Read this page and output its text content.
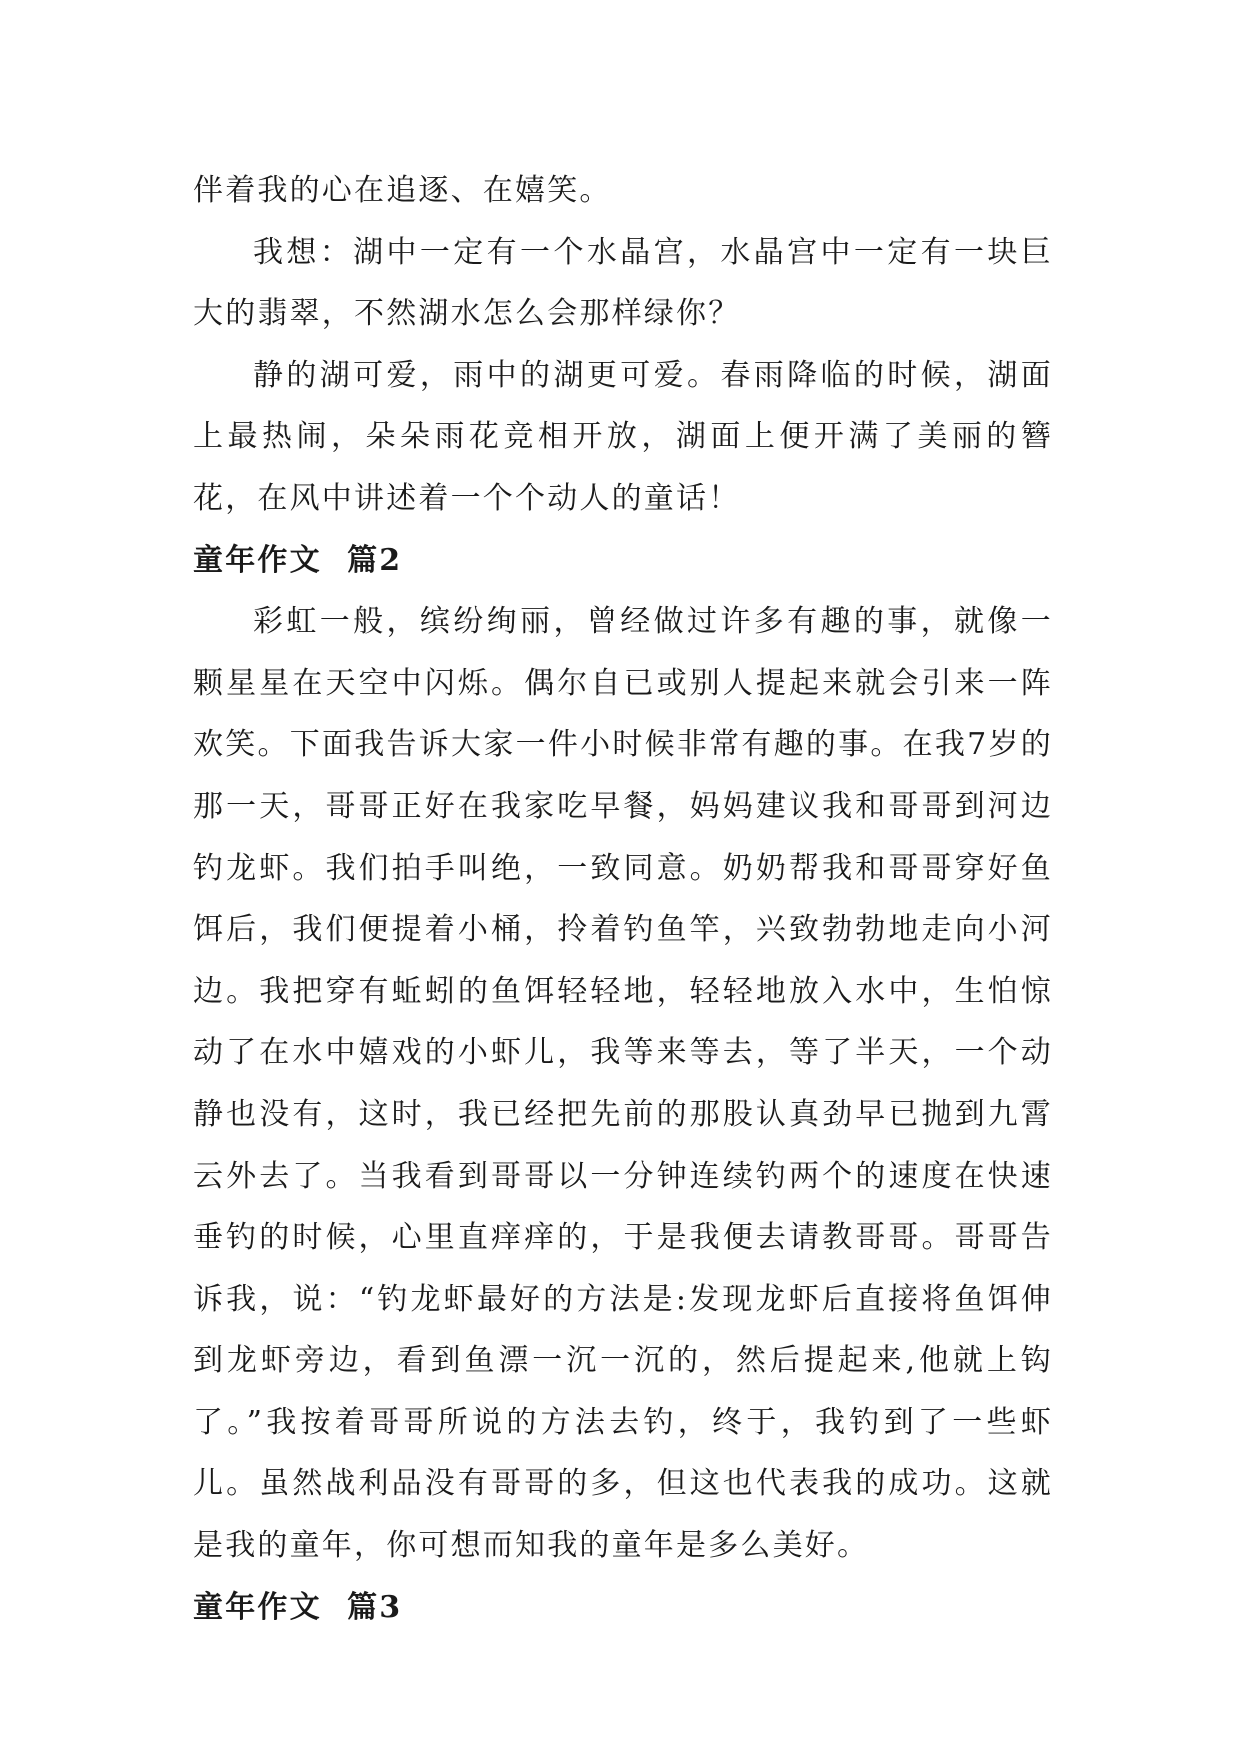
伴着我的心在追逐、在嬉笑。

我想：湖中一定有一个水晶宫，水晶宫中一定有一块巨大的翡翠，不然湖水怎么会那样绿你？

静的湖可爱，雨中的湖更可爱。春雨降临的时候，湖面上最热闹，朵朵雨花竞相开放，湖面上便开满了美丽的簪花，在风中讲述着一个个动人的童话！

童年作文  篇2

彩虹一般，缤纷绚丽，曾经做过许多有趣的事，就像一颗星星在天空中闪烁。偶尔自已或别人提起来就会引来一阵欢笑。下面我告诉大家一件小时候非常有趣的事。在我7岁的那一天，哥哥正好在我家吃早餐，妈妈建议我和哥哥到河边钓龙虾。我们拍手叫绝，一致同意。奶奶帮我和哥哥穿好鱼饵后，我们便提着小桶，拎着钓鱼竿，兴致勃勃地走向小河边。我把穿有蚯蚓的鱼饵轻轻地，轻轻地放入水中，生怕惊动了在水中嬉戏的小虾儿，我等来等去，等了半天，一个动静也没有，这时，我已经把先前的那股认真劲早已抛到九霄云外去了。当我看到哥哥以一分钟连续钓两个的速度在快速垂钓的时候，心里直痒痒的，于是我便去请教哥哥。哥哥告诉我，说：“钓龙虾最好的方法是:发现龙虾后直接将鱼饵伸到龙虾旁边，看到鱼漂一沉一沉的，然后提起来,他就上钩了。”我按着哥哥所说的方法去钓，终于，我钓到了一些虾儿。虽然战利品没有哥哥的多，但这也代表我的成功。这就是我的童年，你可想而知我的童年是多么美好。

童年作文  篇3
